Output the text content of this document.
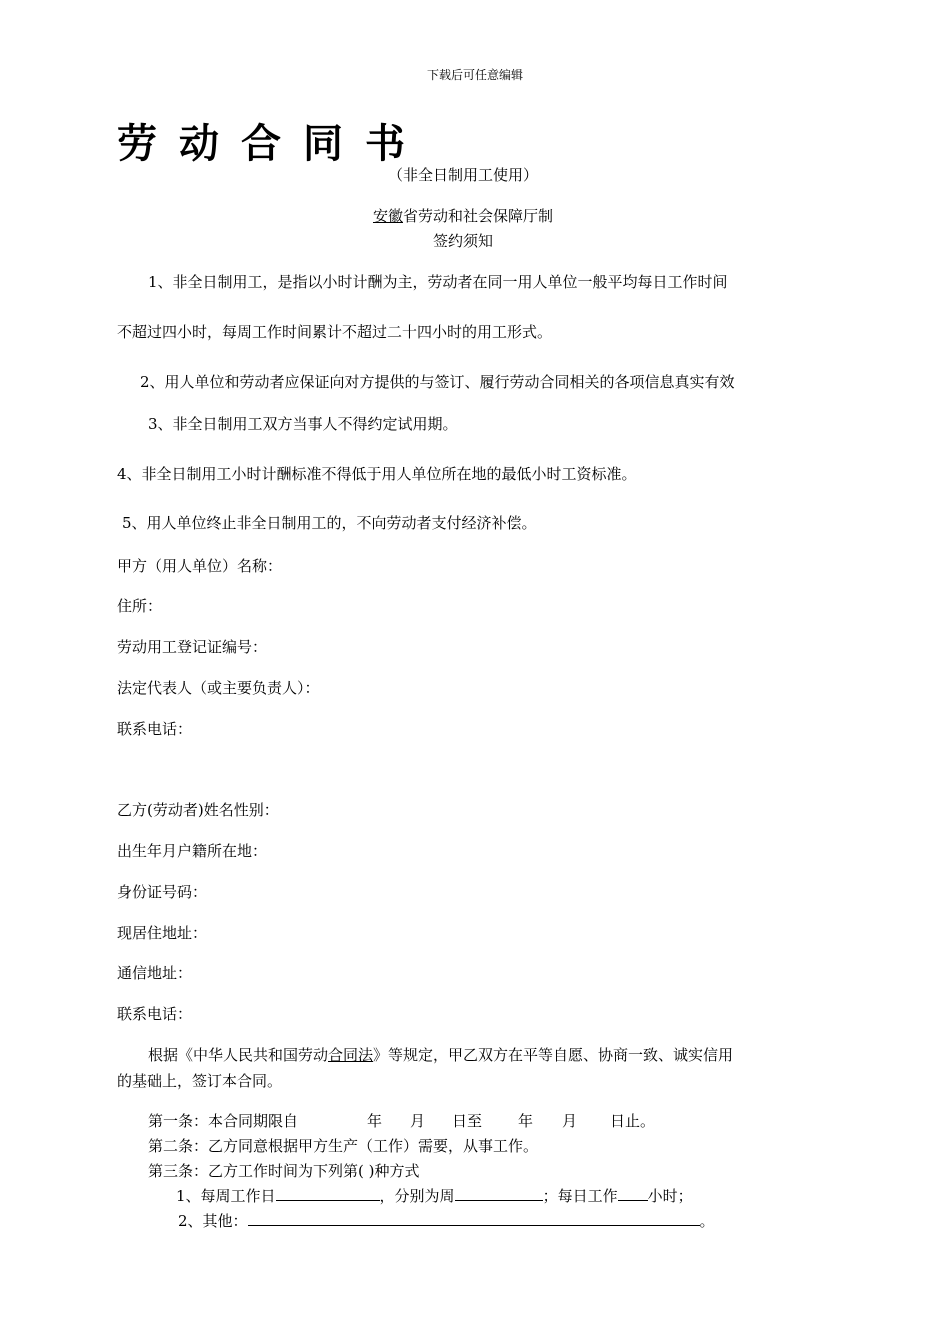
下载后可任意编辑
劳动合同书
（非全日制用工使用）
安徽省劳动和社会保障厅制
签约须知
1、非全日制用工，是指以小时计酬为主，劳动者在同一用人单位一般平均每日工作时间
不超过四小时，每周工作时间累计不超过二十四小时的用工形式。
2、用人单位和劳动者应保证向对方提供的与签订、履行劳动合同相关的各项信息真实有效
3、非全日制用工双方当事人不得约定试用期。
4、非全日制用工小时计酬标准不得低于用人单位所在地的最低小时工资标准。
5、用人单位终止非全日制用工的，不向劳动者支付经济补偿。
甲方（用人单位）名称：
住所：
劳动用工登记证编号：
法定代表人（或主要负责人）：
联系电话：
乙方(劳动者)姓名性别：
出生年月户籍所在地：
身份证号码：
现居住地址：
通信地址：
联系电话：
根据《中华人民共和国劳动合同法》等规定，甲乙双方在平等自愿、协商一致、诚实信用
的基础上，签订本合同。
第一条：本合同期限自	年 月 日至 年 月 日止。
第二条：乙方同意根据甲方生产（工作）需要，从事工作。
第三条：乙方工作时间为下列第( )种方式
1、每周工作日	，分别为周	；每日工作 小时；
2、其他：	。
